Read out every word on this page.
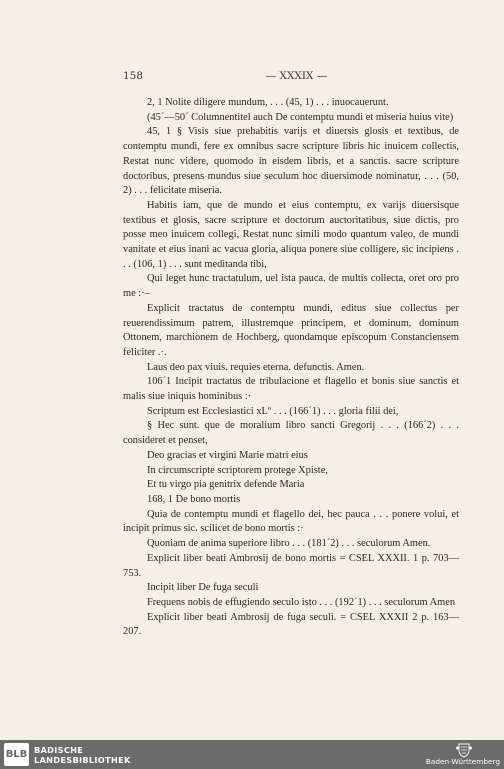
158	— XXXIX —

2, 1 Nolite diligere mundum, . . . (45, 1) . . . inuocauerunt.

(45´—50´ Columnentitel auch De contemptu mundi et miseria huius vite)

45, 1 § Visis siue prehabitis varijs et diuersis glosis et textibus, de contemptu mundi, fere ex omnibus sacre scripture libris hic inuicem collectis, Restat nunc videre, quomodo in eisdem libris, et a sanctis. sacre scripture doctoribus, presens mundus siue seculum hoc diuersimode nominatur, . . . (50, 2) . . . felicitate miseria.

Habitis iam, que de mundo et eius contemptu, ex varijs diuersisque textibus et glosis, sacre scripture et doctorum auctoritatibus, siue dictis, pro posse meo inuicem collegi, Restat nunc simili modo quantum valeo, de mundi vanitate et eius inani ac vacua gloria, aliqua ponere siue colligere, sic incipiens . . . (106, 1) . . . sunt meditanda tibi,

Qui leget hunc tractatulum, uel ista pauca. de multis collecta, oret oro pro me :·–

Explicit tractatus de contemptu mundi, editus siue collectus per reuerendissimum patrem, illustremque principem, et dominum, dominum Ottonem, marchionem de Hochberg, quondamque episcopum Constanciensem feliciter .·.

Laus deo pax viuis. requies eterna. defunctis. Amen.

106´1 Incipit tractatus de tribulacione et flagello et bonis siue sanctis et malis siue iniquis hominibus :·

Scriptum est Ecclesiastici xLº . . . (166´1) . . . gloria filii dei,

§ Hec sunt. que de moralium libro sancti Gregorij . . . (166´2) . . . consideret et penset,

Deo gracias et virgini Marie matri eius

In circumscripte scriptorem protege Xpiste,

Et tu virgo pia genitrix defende Maria

168, 1 De bono mortis

Quia de contemptu mundi et flagello dei, hec pauca . . . ponere volui, et incipit primus sic. scilicet de bono mortis :·

Quoniam de anima superiore libro . . . (181´2) . . . seculorum Amen.

Explicit liber beati Ambrosij de bono mortis = CSEL XXXII. 1 p. 703—753.

Incipit liber De fuga seculi

Frequens nobis de effugiendo seculo isto . . . (192´1) . . . seculorum Amen

Explicit liber beati Ambrosij de fuga seculi. = CSEL XXXII 2 p. 163—207.

BLB BADISCHE
LANDESBIBLIOTHEK	Baden-Württemberg
